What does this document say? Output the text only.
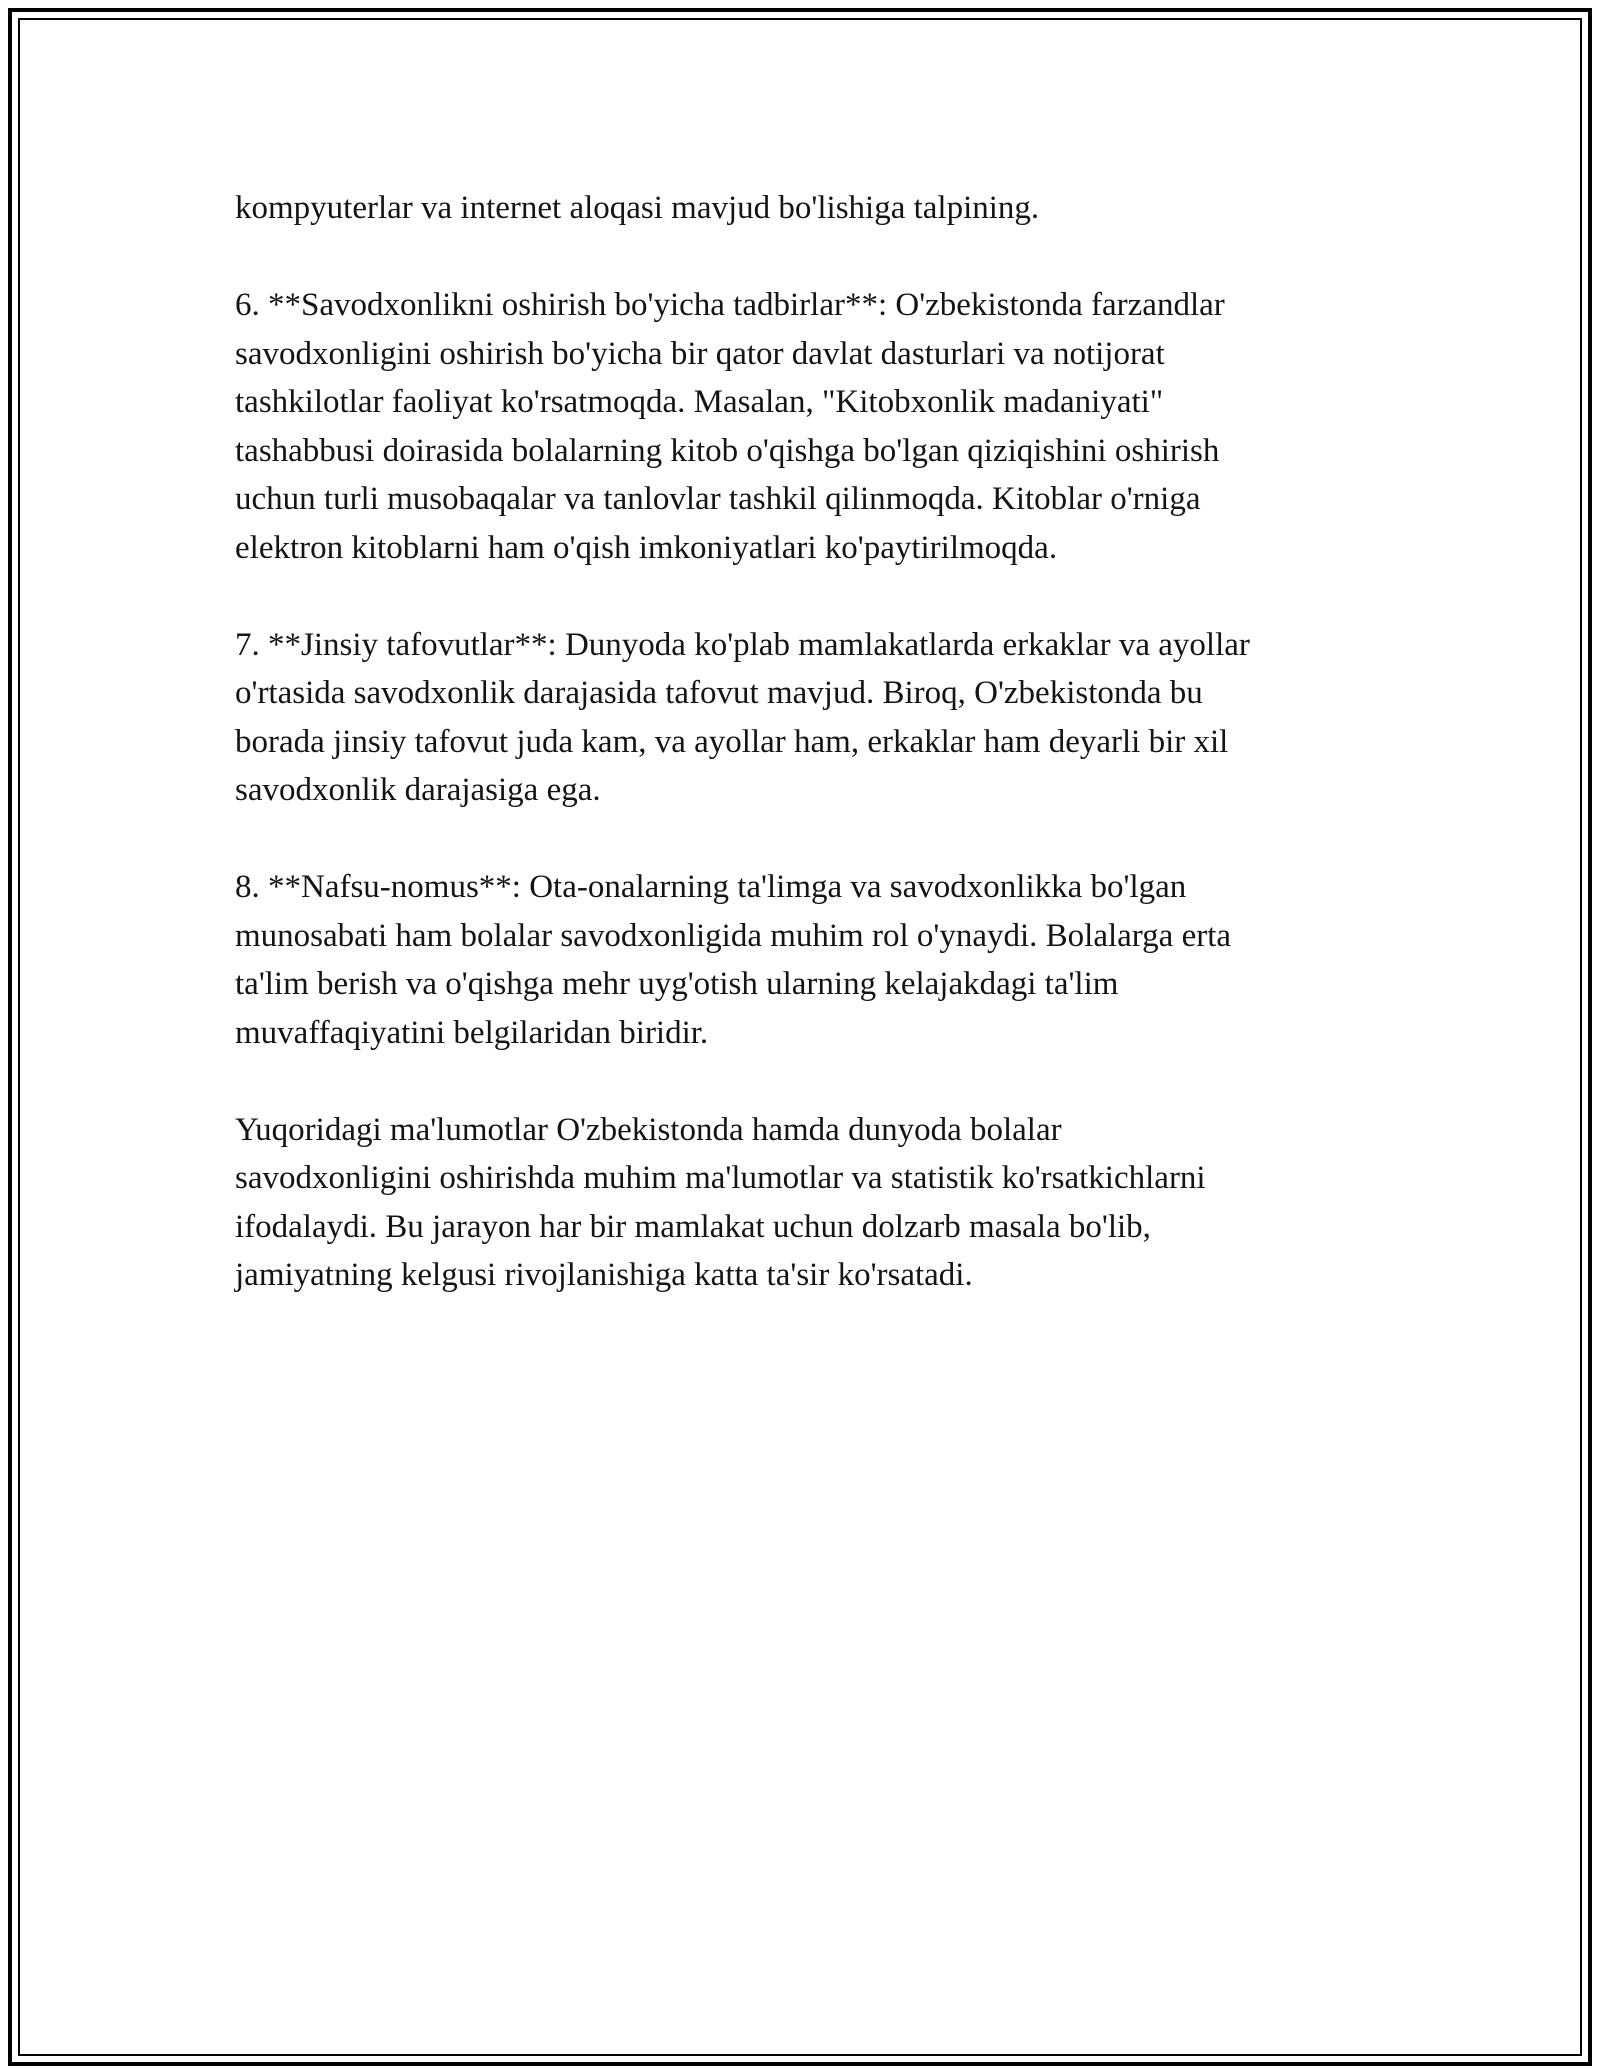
kompyuterlar va internet aloqasi mavjud bo'lishiga talpining.

6. **Savodxonlikni oshirish bo'yicha tadbirlar**: O'zbekistonda farzandlar
savodxonligini oshirish bo'yicha bir qator davlat dasturlari va notijorat
tashkilotlar faoliyat ko'rsatmoqda. Masalan, "Kitobxonlik madaniyati"
tashabbusi doirasida bolalarning kitob o'qishga bo'lgan qiziqishini oshirish
uchun turli musobaqalar va tanlovlar tashkil qilinmoqda. Kitoblar o'rniga
elektron kitoblarni ham o'qish imkoniyatlari ko'paytirilmoqda.

7. **Jinsiy tafovutlar**: Dunyoda ko'plab mamlakatlarda erkaklar va ayollar
o'rtasida savodxonlik darajasida tafovut mavjud. Biroq, O'zbekistonda bu
borada jinsiy tafovut juda kam, va ayollar ham, erkaklar ham deyarli bir xil
savodxonlik darajasiga ega.

8. **Nafsu-nomus**: Ota-onalarning ta'limga va savodxonlikka bo'lgan
munosabati ham bolalar savodxonligida muhim rol o'ynaydi. Bolalarga erta
ta'lim berish va o'qishga mehr uyg'otish ularning kelajakdagi ta'lim
muvaffaqiyatini belgilaridan biridir.

Yuqoridagi ma'lumotlar O'zbekistonda hamda dunyoda bolalar
savodxonligini oshirishda muhim ma'lumotlar va statistik ko'rsatkichlarni
ifodalaydi. Bu jarayon har bir mamlakat uchun dolzarb masala bo'lib,
jamiyatning kelgusi rivojlanishiga katta ta'sir ko'rsatadi.
